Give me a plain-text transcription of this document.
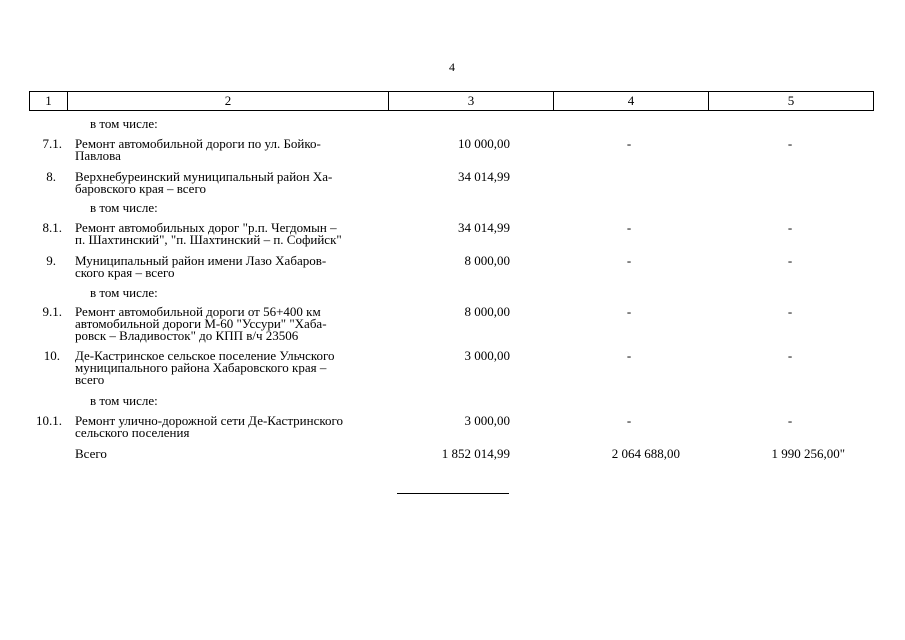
4
1	2	3	4	5
в том числе:
7.1. Ремонт автомобильной дороги по ул. Бойко-
Павлова
10 000,00	-	-
8. Верхнебуреинский муниципальный район Ха-
баровского края – всего
34 014,99
в том числе:
8.1. Ремонт автомобильных дорог "р.п. Чегдомын –
п. Шахтинский", "п. Шахтинский – п. Софийск"
34 014,99	-	-
9. Муниципальный район имени Лазо Хабаров-
ского края – всего
8 000,00	-	-
в том числе:
9.1. Ремонт автомобильной дороги от 56+400 км
автомобильной дороги М-60 "Уссури" "Хаба-
ровск – Владивосток" до КПП в/ч 23506
8 000,00	-	-
10. Де-Кастринское сельское поселение Ульчского
муниципального района Хабаровского края –
всего
3 000,00	-	-
в том числе:
10.1. Ремонт улично-дорожной сети Де-Кастринского
сельского поселения
3 000,00	-	-
Всего	1 852 014,99	2 064 688,00	1 990 256,00"
